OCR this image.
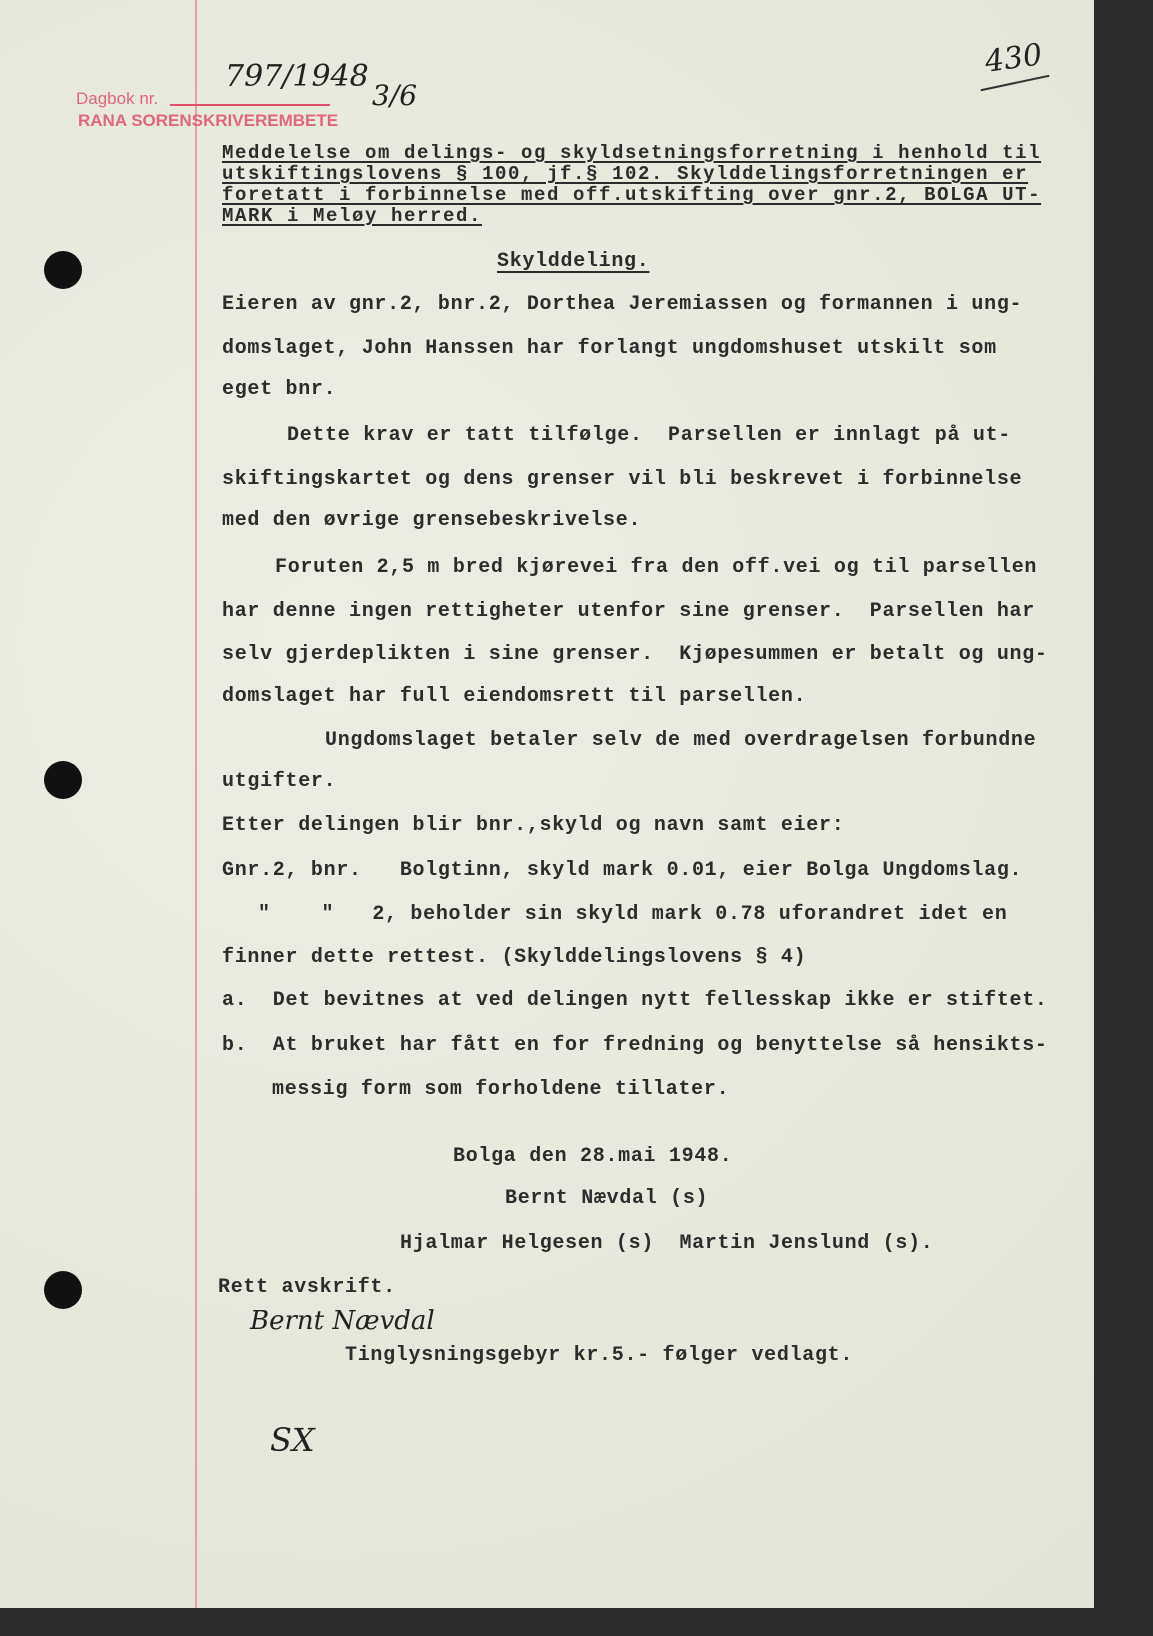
Dagbok nr.
RANA SORENSKRIVEREMBETE
797/1948
3/6
430
Meddelelse om delings- og skyldsetningsforretning i henhold til
utskiftingslovens § 100, jf.§ 102. Skylddelingsforretningen er
foretatt i forbinnelse med off.utskifting over gnr.2, BOLGA UT-
MARK i Meløy herred.
Skylddeling.
Eieren av gnr.2, bnr.2, Dorthea Jeremiassen og formannen i ung-
domslaget, John Hanssen har forlangt ungdomshuset utskilt som
eget bnr.
Dette krav er tatt tilfølge.  Parsellen er innlagt på ut-
skiftingskartet og dens grenser vil bli beskrevet i forbinnelse
med den øvrige grensebeskrivelse.
Foruten 2,5 m bred kjørevei fra den off.vei og til parsellen
har denne ingen rettigheter utenfor sine grenser.  Parsellen har
selv gjerdeplikten i sine grenser.  Kjøpesummen er betalt og ung-
domslaget har full eiendomsrett til parsellen.
Ungdomslaget betaler selv de med overdragelsen forbundne
utgifter.
Etter delingen blir bnr.,skyld og navn samt eier:
Gnr.2, bnr.   Bolgtinn, skyld mark 0.01, eier Bolga Ungdomslag.
"    "   2, beholder sin skyld mark 0.78 uforandret idet en
finner dette rettest. (Skylddelingslovens § 4)
a.  Det bevitnes at ved delingen nytt fellesskap ikke er stiftet.
b.  At bruket har fått en for fredning og benyttelse så hensikts-
messig form som forholdene tillater.
Bolga den 28.mai 1948.
Bernt Nævdal (s)
Hjalmar Helgesen (s)  Martin Jenslund (s).
Rett avskrift.
Bernt Nævdal
Tinglysningsgebyr kr.5.- følger vedlagt.
SX
